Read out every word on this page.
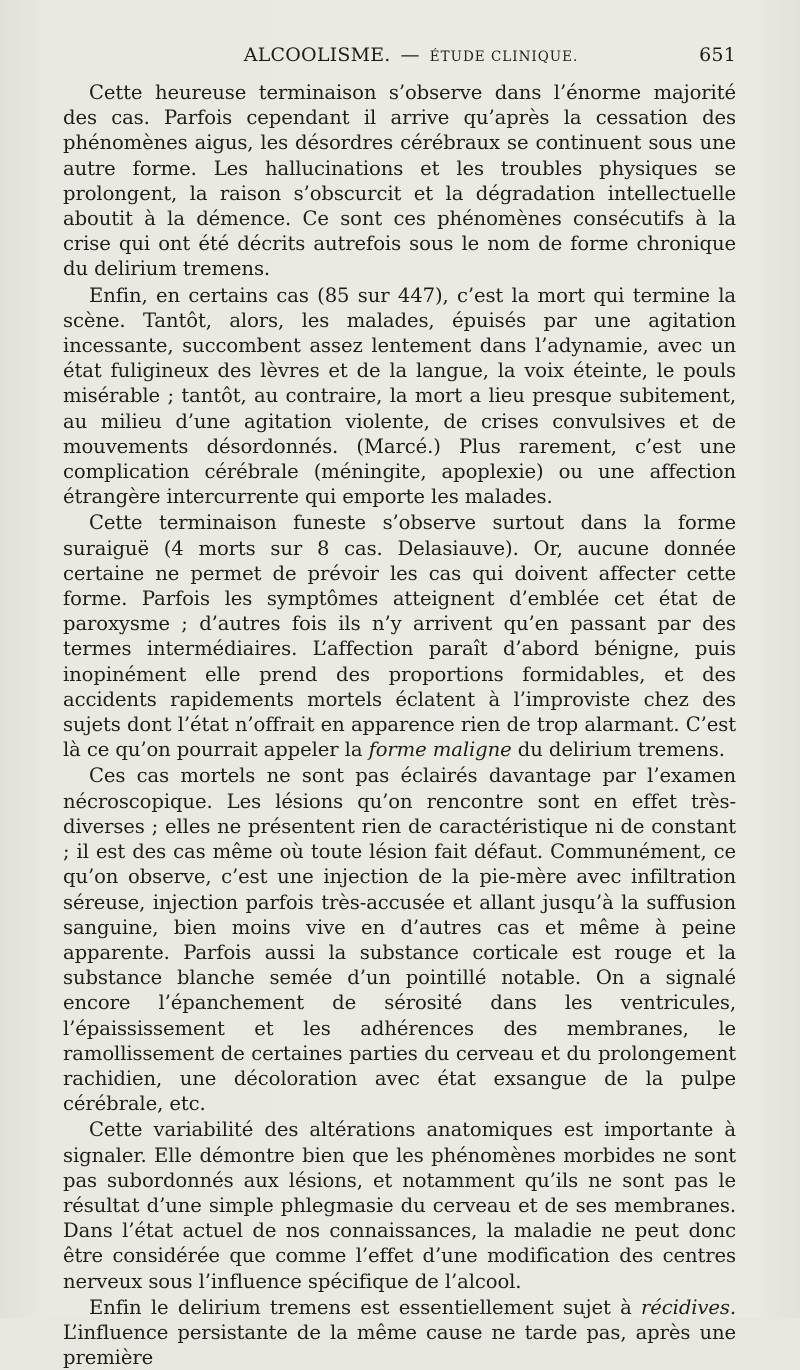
ALCOOLISME. — ÉTUDE CLINIQUE.	651

Cette heureuse terminaison s’observe dans l’énorme majorité des cas. Parfois cependant il arrive qu’après la cessation des phénomènes aigus, les désordres cérébraux se continuent sous une autre forme. Les hallucinations et les troubles physiques se prolongent, la raison s’obscurcit et la dégradation intellectuelle aboutit à la démence. Ce sont ces phénomènes consécutifs à la crise qui ont été décrits autrefois sous le nom de forme chronique du delirium tremens.

Enfin, en certains cas (85 sur 447), c’est la mort qui termine la scène. Tantôt, alors, les malades, épuisés par une agitation incessante, succombent assez lentement dans l’adynamie, avec un état fuligineux des lèvres et de la langue, la voix éteinte, le pouls misérable ; tantôt, au contraire, la mort a lieu presque subitement, au milieu d’une agitation violente, de crises convulsives et de mouvements désordonnés. (Marcé.) Plus rarement, c’est une complication cérébrale (méningite, apoplexie) ou une affection étrangère intercurrente qui emporte les malades.

Cette terminaison funeste s’observe surtout dans la forme suraiguë (4 morts sur 8 cas. Delasiauve). Or, aucune donnée certaine ne permet de prévoir les cas qui doivent affecter cette forme. Parfois les symptômes atteignent d’emblée cet état de paroxysme ; d’autres fois ils n’y arrivent qu’en passant par des termes intermédiaires. L’affection paraît d’abord bénigne, puis inopinément elle prend des proportions formidables, et des accidents rapidements mortels éclatent à l’improviste chez des sujets dont l’état n’offrait en apparence rien de trop alarmant. C’est là ce qu’on pourrait appeler la forme maligne du delirium tremens.

Ces cas mortels ne sont pas éclairés davantage par l’examen nécroscopique. Les lésions qu’on rencontre sont en effet très-diverses ; elles ne présentent rien de caractéristique ni de constant ; il est des cas même où toute lésion fait défaut. Communément, ce qu’on observe, c’est une injection de la pie-mère avec infiltration séreuse, injection parfois très-accusée et allant jusqu’à la suffusion sanguine, bien moins vive en d’autres cas et même à peine apparente. Parfois aussi la substance corticale est rouge et la substance blanche semée d’un pointillé notable. On a signalé encore l’épanchement de sérosité dans les ventricules, l’épaississement et les adhérences des membranes, le ramollissement de certaines parties du cerveau et du prolongement rachidien, une décoloration avec état exsangue de la pulpe cérébrale, etc.

Cette variabilité des altérations anatomiques est importante à signaler. Elle démontre bien que les phénomènes morbides ne sont pas subordonnés aux lésions, et notamment qu’ils ne sont pas le résultat d’une simple phlegmasie du cerveau et de ses membranes. Dans l’état actuel de nos connaissances, la maladie ne peut donc être considérée que comme l’effet d’une modification des centres nerveux sous l’influence spécifique de l’alcool.

Enfin le delirium tremens est essentiellement sujet à récidives. L’influence persistante de la même cause ne tarde pas, après une première
